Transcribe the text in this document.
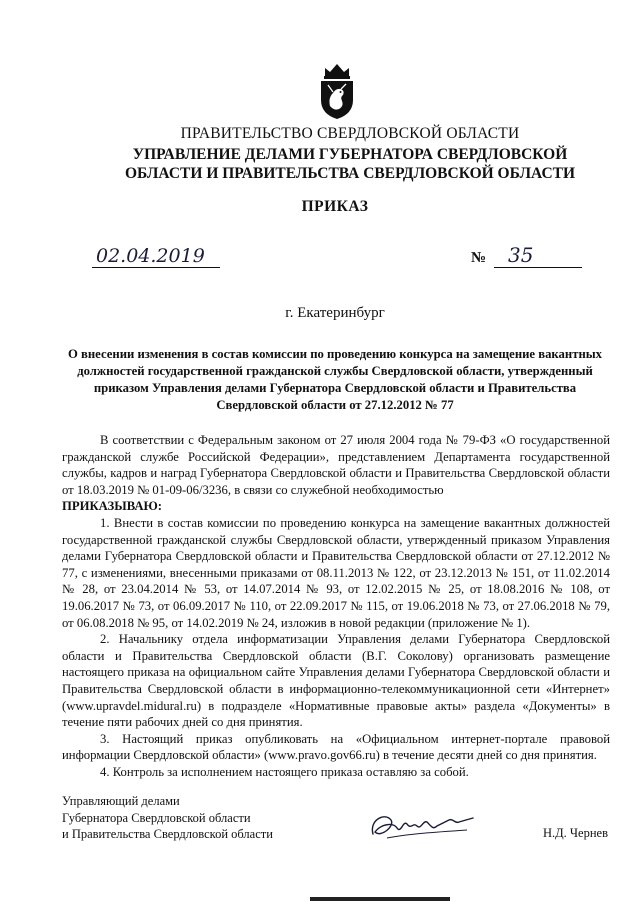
ПРАВИТЕЛЬСТВО СВЕРДЛОВСКОЙ ОБЛАСТИ
УПРАВЛЕНИЕ ДЕЛАМИ ГУБЕРНАТОРА СВЕРДЛОВСКОЙ
ОБЛАСТИ И ПРАВИТЕЛЬСТВА СВЕРДЛОВСКОЙ ОБЛАСТИ
ПРИКАЗ
02.04.2019	№ 35
г. Екатеринбург
О внесении изменения в состав комиссии по проведению конкурса на замещение вакантных должностей государственной гражданской службы Свердловской области, утвержденный приказом Управления делами Губернатора Свердловской области и Правительства Свердловской области от 27.12.2012 № 77

В соответствии с Федеральным законом от 27 июля 2004 года № 79-ФЗ «О государственной гражданской службе Российской Федерации», представлением Департамента государственной службы, кадров и наград Губернатора Свердловской области и Правительства Свердловской области от 18.03.2019 № 01-09-06/3236, в связи со служебной необходимостью

ПРИКАЗЫВАЮ:

1. Внести в состав комиссии по проведению конкурса на замещение вакантных должностей государственной гражданской службы Свердловской области, утвержденный приказом Управления делами Губернатора Свердловской области и Правительства Свердловской области от 27.12.2012 № 77, с изменениями, внесенными приказами от 08.11.2013 № 122, от 23.12.2013 № 151, от 11.02.2014 № 28, от 23.04.2014 № 53, от 14.07.2014 № 93, от 12.02.2015 № 25, от 18.08.2016 № 108, от 19.06.2017 № 73, от 06.09.2017 № 110, от 22.09.2017 № 115, от 19.06.2018 № 73, от 27.06.2018 № 79, от 06.08.2018 № 95, от 14.02.2019 № 24, изложив в новой редакции (приложение № 1).

2. Начальнику отдела информатизации Управления делами Губернатора Свердловской области и Правительства Свердловской области (В.Г. Соколову) организовать размещение настоящего приказа на официальном сайте Управления делами Губернатора Свердловской области и Правительства Свердловской области в информационно-телекоммуникационной сети «Интернет» (www.upravdel.midural.ru) в подразделе «Нормативные правовые акты» раздела «Документы» в течение пяти рабочих дней со дня принятия.

3. Настоящий приказ опубликовать на «Официальном интернет-портале правовой информации Свердловской области» (www.pravo.gov66.ru) в течение десяти дней со дня принятия.

4. Контроль за исполнением настоящего приказа оставляю за собой.

Управляющий делами
Губернатора Свердловской области
и Правительства Свердловской области	Н.Д. Чернев
